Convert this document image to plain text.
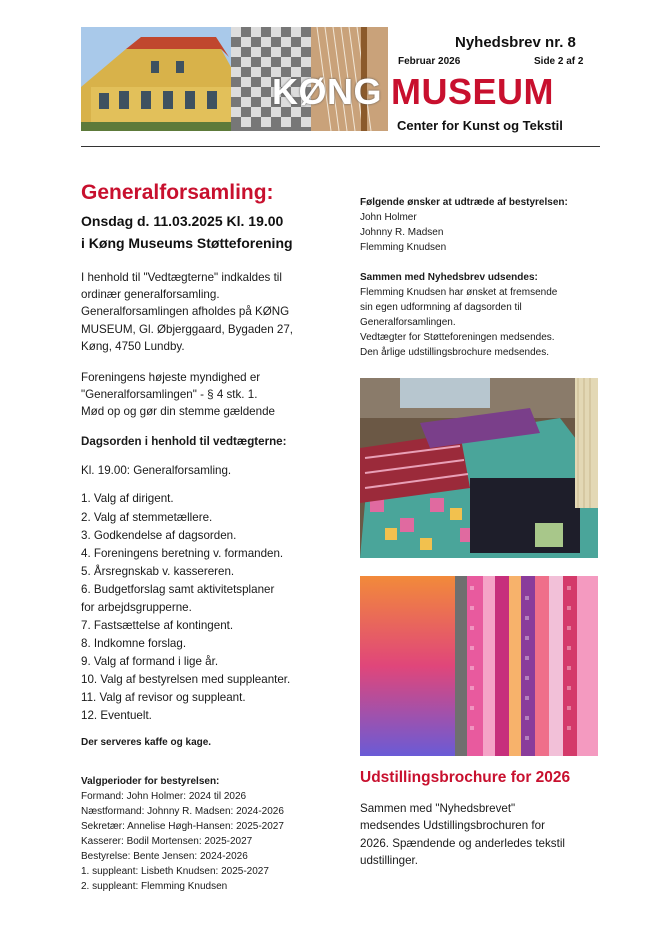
KØNG MUSEUM
Nyhedsbrev nr. 8
Februar 2026	Side 2 af 2
Center for Kunst og Tekstil
Generalforsamling:

Onsdag d. 11.03.2025 Kl. 19.00

i Køng Museums Støtteforening

I henhold til "Vedtægterne" indkaldes til

ordinær generalforsamling.

Generalforsamlingen afholdes på KØNG

MUSEUM, Gl. Øbjerggaard, Bygaden 27,

Køng, 4750 Lundby.

Foreningens højeste myndighed er

"Generalforsamlingen" - § 4 stk. 1.

Mød op og gør din stemme gældende

Dagsorden i henhold til vedtægterne:

Kl. 19.00: Generalforsamling.

1. Valg af dirigent.
2. Valg af stemmetællere.
3. Godkendelse af dagsorden.
4. Foreningens beretning v. formanden.
5. Årsregnskab v. kassereren.
6. Budgetforslag samt aktivitetsplaner
for arbejdsgrupperne.
7. Fastsættelse af kontingent.
8. Indkomne forslag.
9. Valg af formand i lige år.
10. Valg af bestyrelsen med suppleanter.
11. Valg af revisor og suppleant.
12. Eventuelt.

Der serveres kaffe og kage.

Valgperioder for bestyrelsen:

Formand: John Holmer: 2024 til 2026

Næstformand: Johnny R. Madsen: 2024-2026

Sekretær: Annelise Høgh-Hansen: 2025-2027

Kasserer: Bodil Mortensen: 2025-2027

Bestyrelse: Bente Jensen: 2024-2026

1. suppleant: Lisbeth Knudsen: 2025-2027

2. suppleant: Flemming Knudsen

Følgende ønsker at udtræde af bestyrelsen:

John Holmer

Johnny R. Madsen

Flemming Knudsen

Sammen med Nyhedsbrev udsendes:

Flemming Knudsen har ønsket at fremsende

sin egen udformning af dagsorden til

Generalforsamlingen.

Vedtægter for Støtteforeningen medsendes.

Den årlige udstillingsbrochure medsendes.

Udstillingsbrochure for 2026
Sammen med "Nyhedsbrevet"
medsendes Udstillingsbrochuren for
2026. Spændende og anderledes tekstil
udstillinger.
